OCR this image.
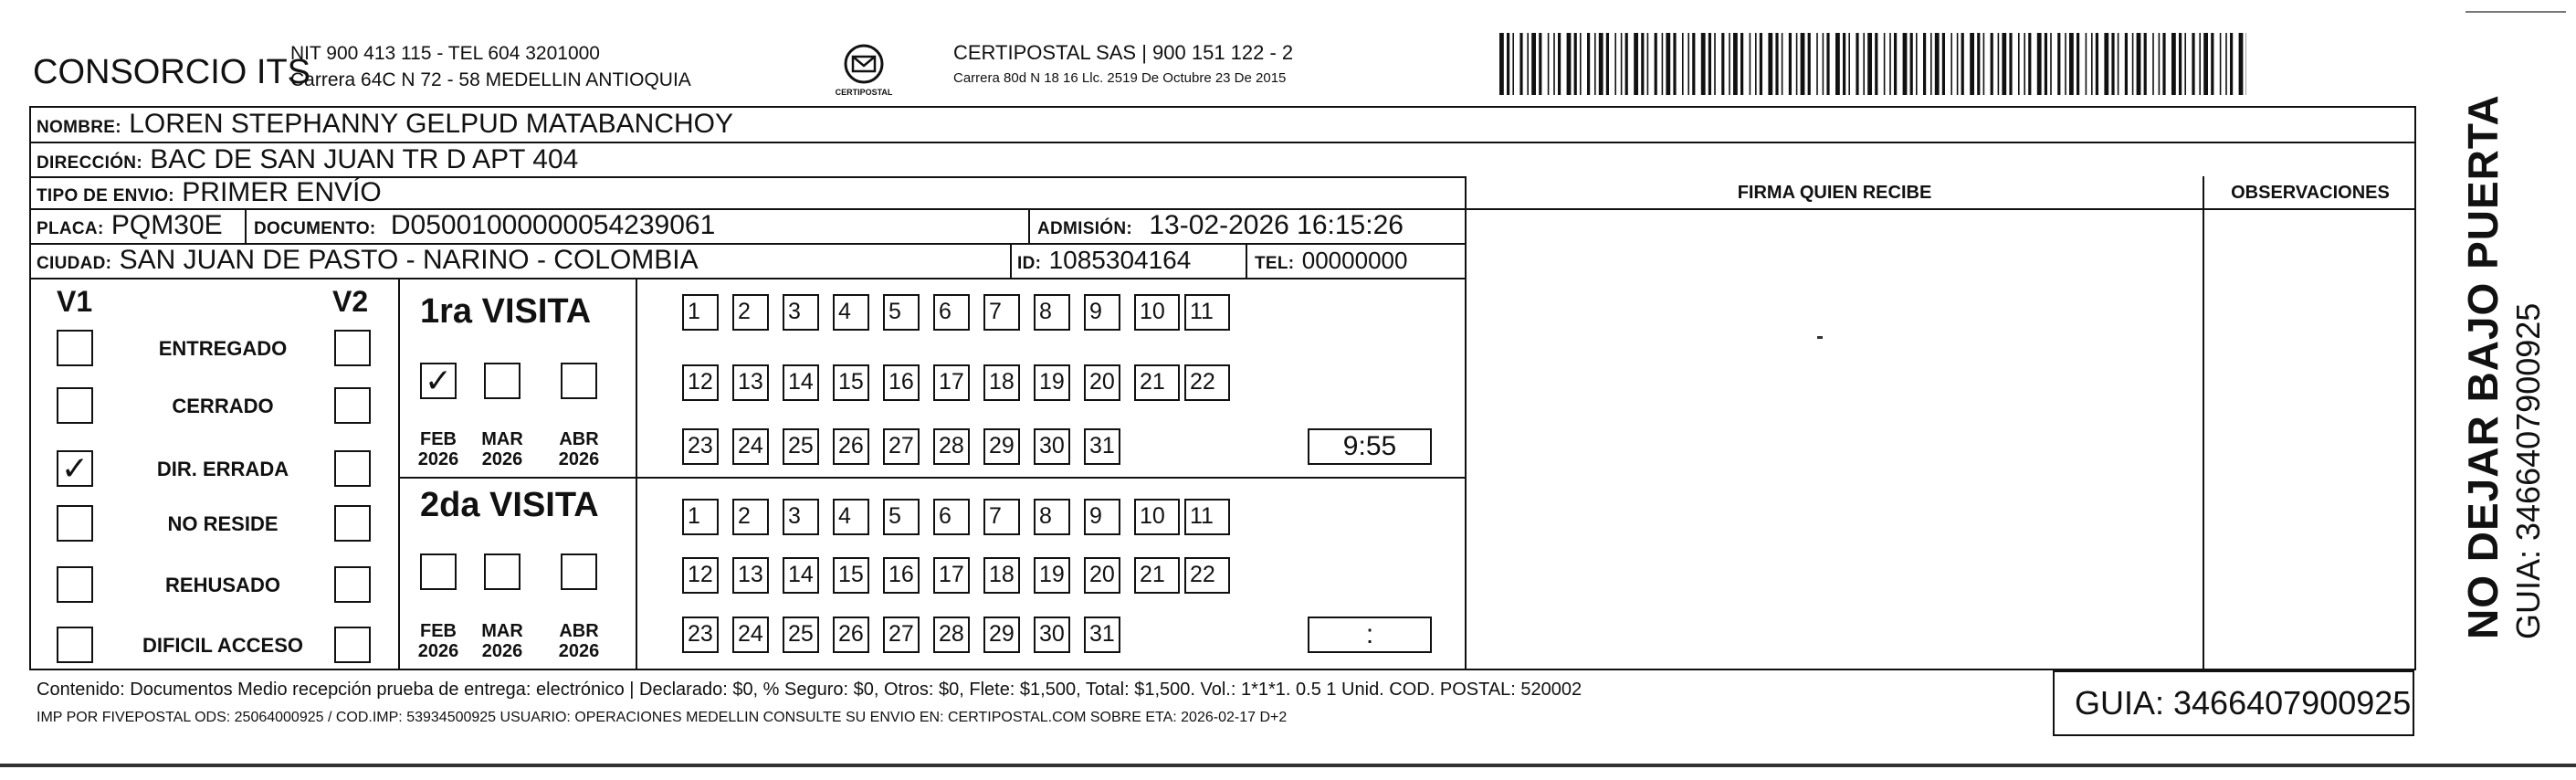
CONSORCIO ITS
NIT 900 413 115 - TEL 604 3201000
Carrera 64C N 72 - 58 MEDELLIN ANTIOQUIA
CERTIPOSTAL
CERTIPOSTAL SAS | 900 151 122 - 2
Carrera 80d N 18 16 Llc. 2519 De Octubre 23 De 2015
NOMBRE: LOREN STEPHANNY GELPUD MATABANCHOY
DIRECCIÓN: BAC DE SAN JUAN TR D APT 404
TIPO DE ENVIO: PRIMER ENVÍO	FIRMA QUIEN RECIBE	OBSERVACIONES
PLACA: PQM30E DOCUMENTO: D05001000000054239061	ADMISIÓN: 13-02-2026 16:15:26
CIUDAD: SAN JUAN DE PASTO - NARINO - COLOMBIA	ID: 1085304164	TEL: 00000000
V1	V2
ENTREGADO
CERRADO
✓	DIR. ERRADA
NO RESIDE
REHUSADO
DIFICIL ACCESO
1ra VISITA
2da VISITA
✓
FEB
2026
MAR
2026
ABR
2026
FEB
2026
MAR
2026
ABR
2026
1	2	3	4	5	6	7	8	9	10	11
12 13 14 15 16 17 18 19 20 21	22
23 24 25 26 27 28 29 30 31	9:55
1	2	3	4	5	6	7	8	9	10	11
12 13 14 15 16 17 18 19 20 21	22
23 24 25 26 27 28 29 30 31	:
Contenido: Documentos Medio recepción prueba de entrega: electrónico | Declarado: $0, % Seguro: $0, Otros: $0, Flete: $1,500, Total: $1,500. Vol.: 1*1*1. 0.5 1 Unid. COD. POSTAL: 520002
IMP POR FIVEPOSTAL ODS: 25064000925 / COD.IMP: 53934500925 USUARIO: OPERACIONES MEDELLIN CONSULTE SU ENVIO EN: CERTIPOSTAL.COM SOBRE ETA: 2026-02-17 D+2	GUIA: 3466407900925
NO DEJAR BAJO PUERTA GUIA: 3466407900925
